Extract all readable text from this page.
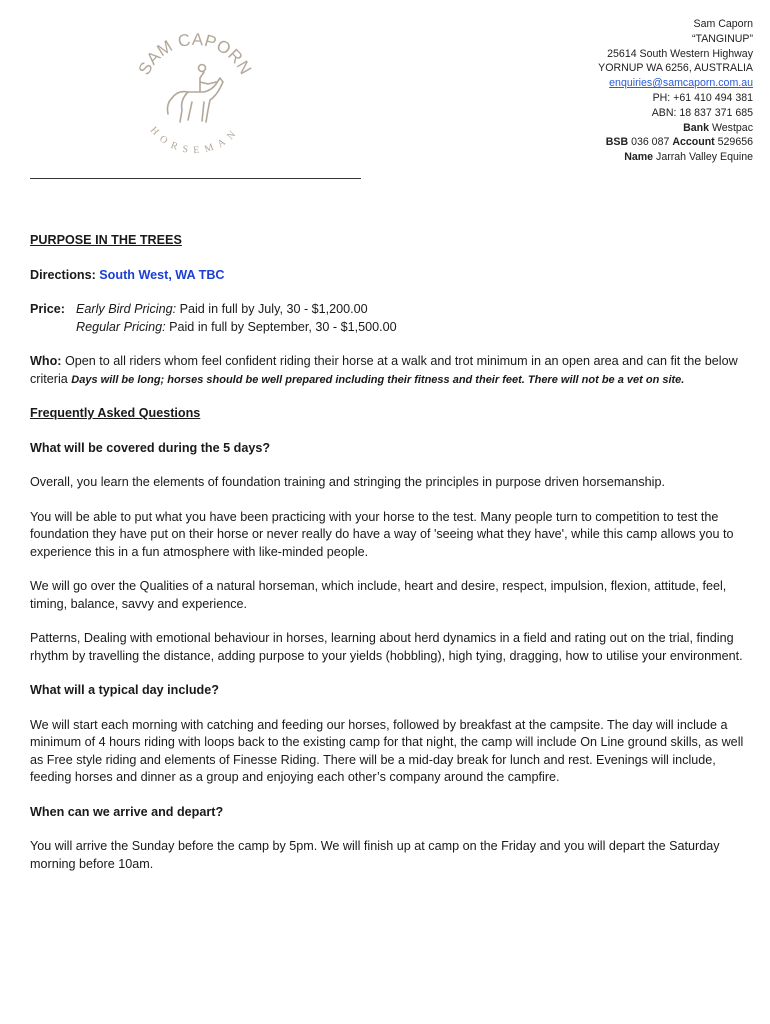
SAM CAPORN
HORSEMAN
Sam Caporn
“TANGINUP”
25614 South Western Highway
YORNUP WA 6256, AUSTRALIA
enquiries@samcaporn.com.au
PH: +61 410 494 381
ABN: 18 837 371 685
Bank Westpac
BSB 036 087 Account 529656
Name Jarrah Valley Equine

PURPOSE IN THE TREES

Directions: South West, WA TBC

Price: Early Bird Pricing: Paid in full by July, 30 - $1,200.00

Regular Pricing: Paid in full by September, 30 - $1,500.00

Who: Open to all riders whom feel confident riding their horse at a walk and trot minimum in an open area and can fit the below criteria Days will be long; horses should be well prepared including their fitness and their feet. There will not be a vet on site.

Frequently Asked Questions

What will be covered during the 5 days?

Overall, you learn the elements of foundation training and stringing the principles in purpose driven horsemanship.

You will be able to put what you have been practicing with your horse to the test. Many people turn to competition to test the foundation they have put on their horse or never really do have a way of 'seeing what they have', while this camp allows you to experience this in a fun atmosphere with like-minded people.

We will go over the Qualities of a natural horseman, which include, heart and desire, respect, impulsion, flexion, attitude, feel, timing, balance, savvy and experience.

Patterns, Dealing with emotional behaviour in horses, learning about herd dynamics in a field and rating out on the trial, finding rhythm by travelling the distance, adding purpose to your yields (hobbling), high tying, dragging, how to utilise your environment.

What will a typical day include?

We will start each morning with catching and feeding our horses, followed by breakfast at the campsite. The day will include a minimum of 4 hours riding with loops back to the existing camp for that night, the camp will include On Line ground skills, as well as Free style riding and elements of Finesse Riding. There will be a mid-day break for lunch and rest. Evenings will include, feeding horses and dinner as a group and enjoying each other’s company around the campfire.

When can we arrive and depart?

You will arrive the Sunday before the camp by 5pm. We will finish up at camp on the Friday and you will depart the Saturday morning before 10am.
